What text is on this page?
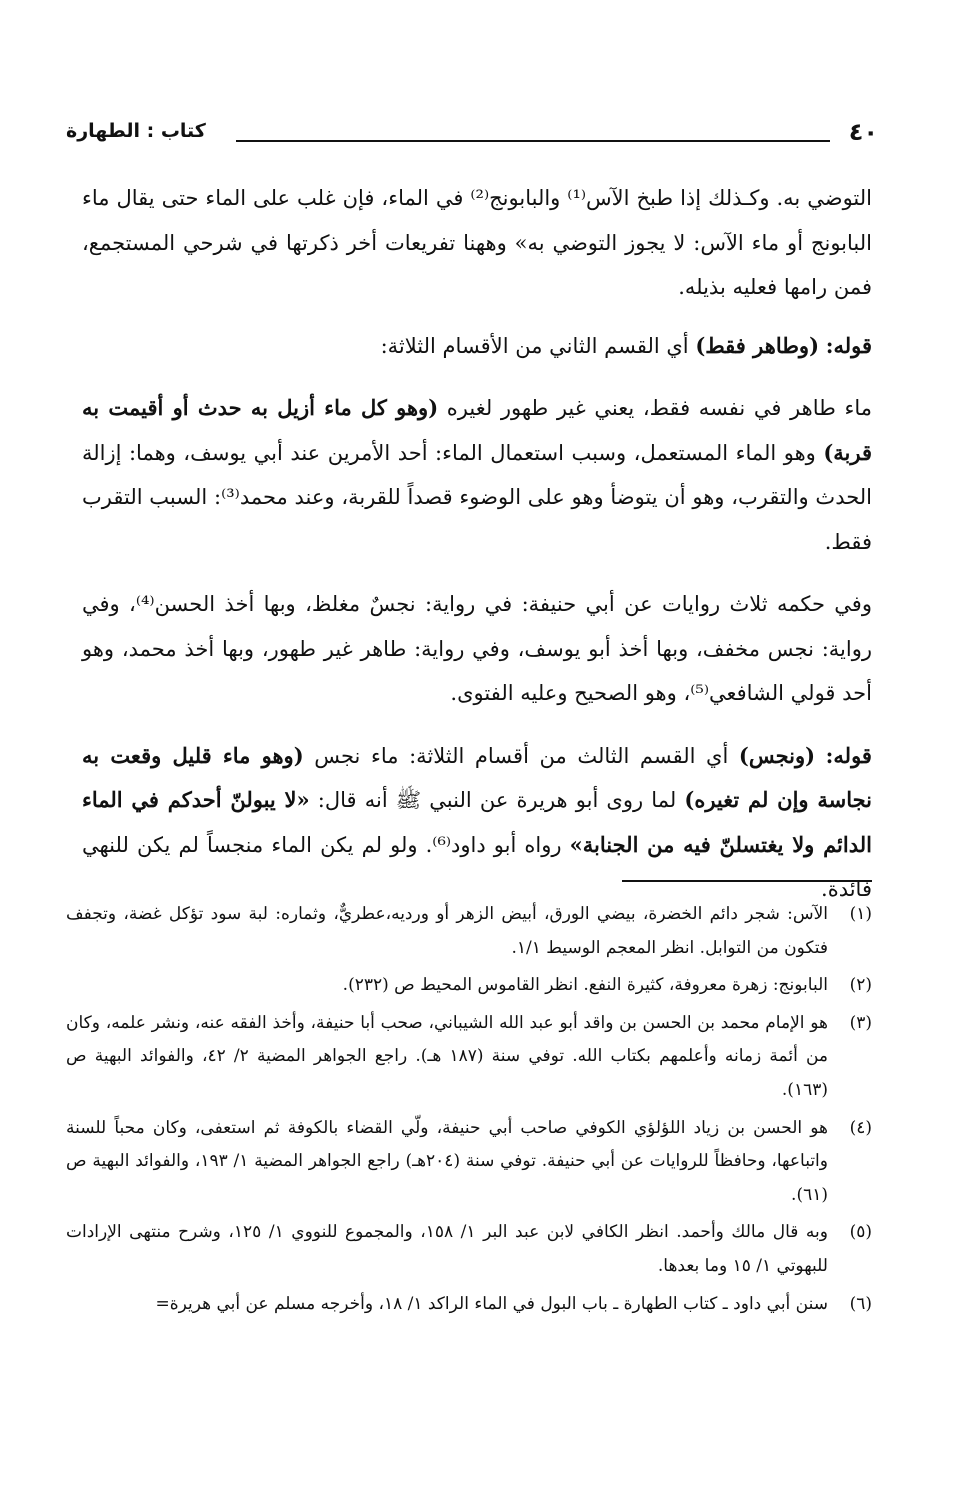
٤٠
كتاب : الطهارة

التوضي به. وكـذلك إذا طبخ الآس⁽¹⁾ والبابونج⁽²⁾ في الماء، فإن غلب على الماء حتى يقال ماء البابونج أو ماء الآس: لا يجوز التوضي به» وههنا تفريعات أخر ذكرتها في شرحي المستجمع، فمن رامها فعليه بذيله.

قوله: (وطاهر فقط) أي القسم الثاني من الأقسام الثلاثة:

ماء طاهر في نفسه فقط، يعني غير طهور لغيره (وهو كل ماء أزيل به حدث أو أقيمت به قربة) وهو الماء المستعمل، وسبب استعمال الماء: أحد الأمرين عند أبي يوسف، وهما: إزالة الحدث والتقرب، وهو أن يتوضأ وهو على الوضوء قصداً للقربة، وعند محمد⁽³⁾: السبب التقرب فقط.

وفي حكمه ثلاث روايات عن أبي حنيفة: في رواية: نجسٌ مغلظ، وبها أخذ الحسن⁽⁴⁾، وفي رواية: نجس مخفف، وبها أخذ أبو يوسف، وفي رواية: طاهر غير طهور، وبها أخذ محمد، وهو أحد قولي الشافعي⁽⁵⁾، وهو الصحيح وعليه الفتوى.

قوله: (ونجس) أي القسم الثالث من أقسام الثلاثة: ماء نجس (وهو ماء قليل وقعت به نجاسة وإن لم تغيره) لما روى أبو هريرة عن النبي ﷺ أنه قال: «لا يبولنّ أحدكم في الماء الدائم ولا يغتسلنّ فيه من الجنابة» رواه أبو داود⁽⁶⁾. ولو لم يكن الماء منجساً لم يكن للنهي فائدة.

(١)
الآس: شجر دائم الخضرة، بيضي الورق، أبيض الزهر أو ورديه،عطريٌّ، وثماره: لبة سود تؤكل غضة، وتجفف فتكون من التوابل. انظر المعجم الوسيط ١/١.
(٢)
البابونج: زهرة معروفة، كثيرة النفع. انظر القاموس المحيط ص (٢٣٢).
(٣)
هو الإمام محمد بن الحسن بن واقد أبو عبد الله الشيباني، صحب أبا حنيفة، وأخذ الفقه عنه، ونشر علمه، وكان من أئمة زمانه وأعلمهم بكتاب الله. توفي سنة (١٨٧ هـ). راجع الجواهر المضية ٢/ ٤٢، والفوائد البهية ص (١٦٣).
(٤)
هو الحسن بن زياد اللؤلؤي الكوفي صاحب أبي حنيفة، ولّي القضاء بالكوفة ثم استعفى، وكان محباً للسنة واتباعها، وحافظاً للروايات عن أبي حنيفة. توفي سنة (٢٠٤هـ) راجع الجواهر المضية ١/ ١٩٣، والفوائد البهية ص (٦١).
(٥)
وبه قال مالك وأحمد. انظر الكافي لابن عبد البر ١/ ١٥٨، والمجموع للنووي ١/ ١٢٥، وشرح منتهى الإرادات للبهوتي ١/ ١٥ وما بعدها.
(٦)
سنن أبي داود ـ كتاب الطهارة ـ باب البول في الماء الراكد ١/ ١٨، وأخرجه مسلم عن أبي هريرة=
